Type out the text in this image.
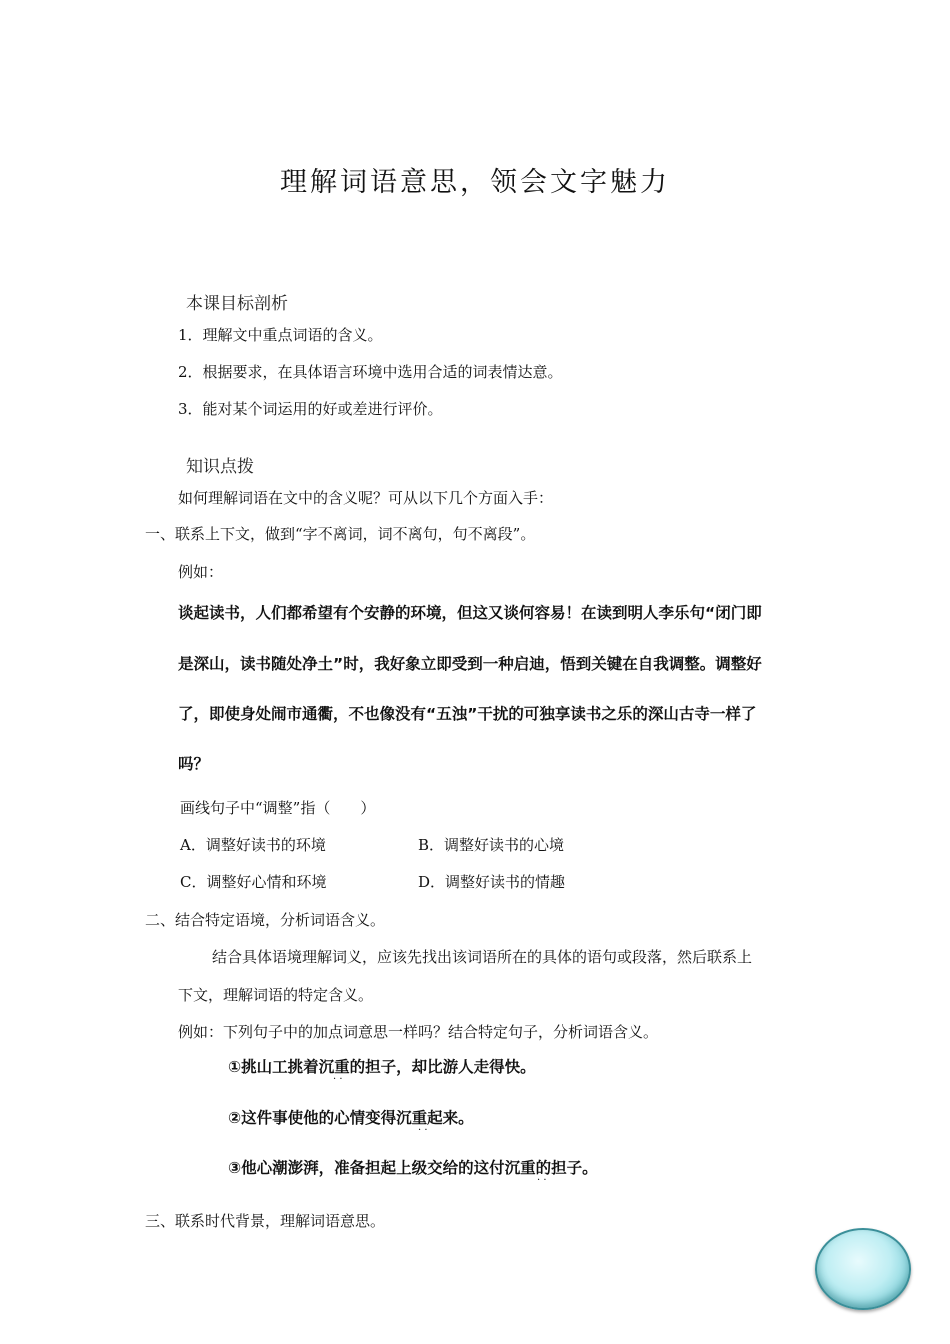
理解词语意思，领会文字魅力
本课目标剖析
1．理解文中重点词语的含义。
2．根据要求，在具体语言环境中选用合适的词表情达意。
3．能对某个词运用的好或差进行评价。
知识点拨
如何理解词语在文中的含义呢？可从以下几个方面入手：
一、联系上下文，做到“字不离词，词不离句，句不离段”。
例如：
谈起读书，人们都希望有个安静的环境，但这又谈何容易！在读到明人李乐句“闭门即
是深山，读书随处净土”时，我好象立即受到一种启迪，悟到关键在自我调整。调整好
了，即使身处闹市通衢，不也像没有“五浊”干扰的可独享读书之乐的深山古寺一样了
吗？
画线句子中“调整”指（　　）
A．调整好读书的环境	B．调整好读书的心境
C．调整好心情和环境	D．调整好读书的情趣
二、结合特定语境，分析词语含义。
结合具体语境理解词义，应该先找出该词语所在的具体的语句或段落，然后联系上
下文，理解词语的特定含义。
例如：下列句子中的加点词意思一样吗？结合特定句子，分析词语含义。
①挑山工挑着沉重的担子，却比游人走得快。
· ·
②这件事使他的心情变得沉重起来。
· ·
③他心潮澎湃，准备担起上级交给的这付沉重的担子。
· ·
三、联系时代背景，理解词语意思。
